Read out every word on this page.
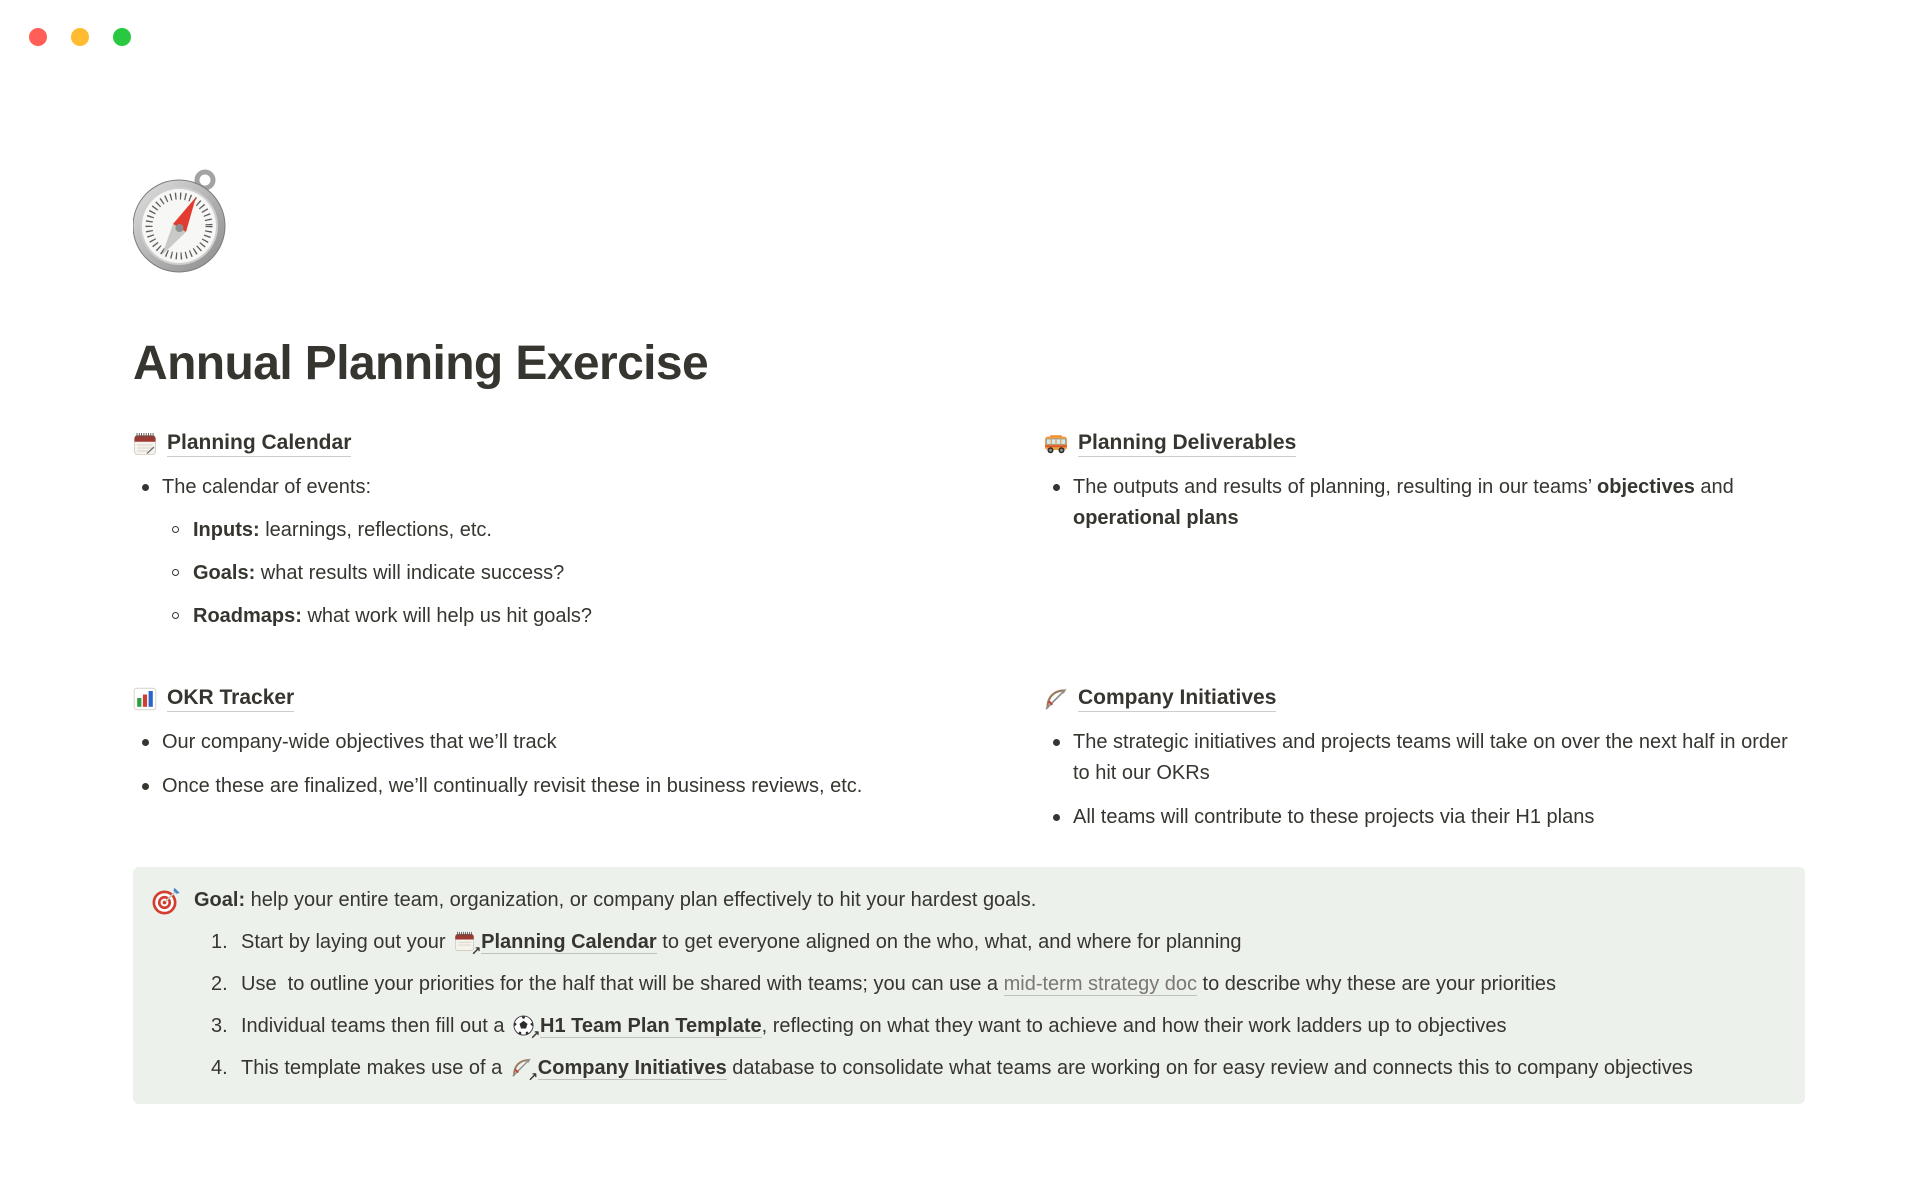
Annual Planning Exercise
Planning Calendar
The calendar of events:
Inputs: learnings, reflections, etc.
Goals: what results will indicate success?
Roadmaps: what work will help us hit goals?
Planning Deliverables
The outputs and results of planning, resulting in our teams’ objectives and operational plans
OKR Tracker
Our company-wide objectives that we’ll track
Once these are finalized, we’ll continually revisit these in business reviews, etc.
Company Initiatives
The strategic initiatives and projects teams will take on over the next half in order to hit our OKRs
All teams will contribute to these projects via their H1 plans
Goal: help your entire team, organization, or company plan effectively to hit your hardest goals.
1. Start by laying out your ↗ Planning Calendar to get everyone aligned on the who, what, and where for planning
2. Use  to outline your priorities for the half that will be shared with teams; you can use a mid-term strategy doc to describe why these are your priorities
3. Individual teams then fill out a ↗ H1 Team Plan Template, reflecting on what they want to achieve and how their work ladders up to objectives
4. This template makes use of a ↗ Company Initiatives database to consolidate what teams are working on for easy review and connects this to company objectives
